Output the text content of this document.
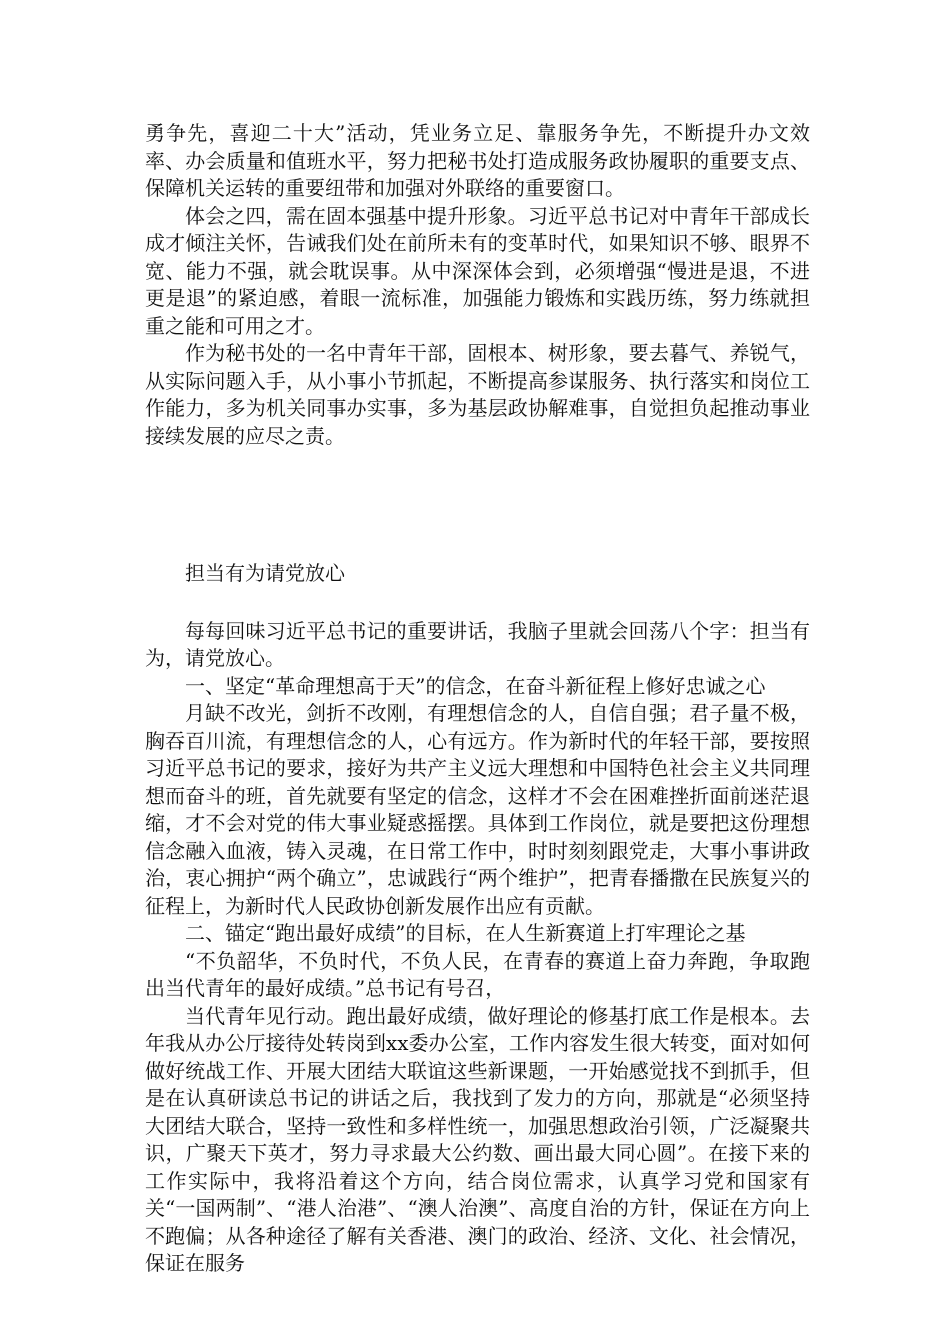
勇争先，喜迎二十大”活动，凭业务立足、靠服务争先，不断提升办文效率、办会质量和值班水平，努力把秘书处打造成服务政协履职的重要支点、保障机关运转的重要纽带和加强对外联络的重要窗口。

体会之四，需在固本强基中提升形象。习近平总书记对中青年干部成长成才倾注关怀，告诫我们处在前所未有的变革时代，如果知识不够、眼界不宽、能力不强，就会耽误事。从中深深体会到，必须增强“慢进是退，不进更是退”的紧迫感，着眼一流标准，加强能力锻炼和实践历练，努力练就担重之能和可用之才。

作为秘书处的一名中青年干部，固根本、树形象，要去暮气、养锐气，从实际问题入手，从小事小节抓起，不断提高参谋服务、执行落实和岗位工作能力，多为机关同事办实事，多为基层政协解难事，自觉担负起推动事业接续发展的应尽之责。

担当有为请党放心

每每回味习近平总书记的重要讲话，我脑子里就会回荡八个字：担当有为，请党放心。

一、坚定“革命理想高于天”的信念，在奋斗新征程上修好忠诚之心

月缺不改光，剑折不改刚，有理想信念的人，自信自强；君子量不极，胸吞百川流，有理想信念的人，心有远方。作为新时代的年轻干部，要按照习近平总书记的要求，接好为共产主义远大理想和中国特色社会主义共同理想而奋斗的班，首先就要有坚定的信念，这样才不会在困难挫折面前迷茫退缩，才不会对党的伟大事业疑惑摇摆。具体到工作岗位，就是要把这份理想信念融入血液，铸入灵魂，在日常工作中，时时刻刻跟党走，大事小事讲政治，衷心拥护“两个确立”，忠诚践行“两个维护”，把青春播撒在民族复兴的征程上，为新时代人民政协创新发展作出应有贡献。

二、锚定“跑出最好成绩”的目标，在人生新赛道上打牢理论之基

“不负韶华，不负时代，不负人民，在青春的赛道上奋力奔跑，争取跑出当代青年的最好成绩。”总书记有号召，

当代青年见行动。跑出最好成绩，做好理论的修基打底工作是根本。去年我从办公厅接待处转岗到xx委办公室，工作内容发生很大转变，面对如何做好统战工作、开展大团结大联谊这些新课题，一开始感觉找不到抓手，但是在认真研读总书记的讲话之后，我找到了发力的方向，那就是“必须坚持大团结大联合，坚持一致性和多样性统一，加强思想政治引领，广泛凝聚共识，广聚天下英才，努力寻求最大公约数、画出最大同心圆”。在接下来的工作实际中，我将沿着这个方向，结合岗位需求，认真学习党和国家有关“一国两制”、“港人治港”、“澳人治澳”、高度自治的方针，保证在方向上不跑偏；从各种途径了解有关香港、澳门的政治、经济、文化、社会情况，保证在服务
